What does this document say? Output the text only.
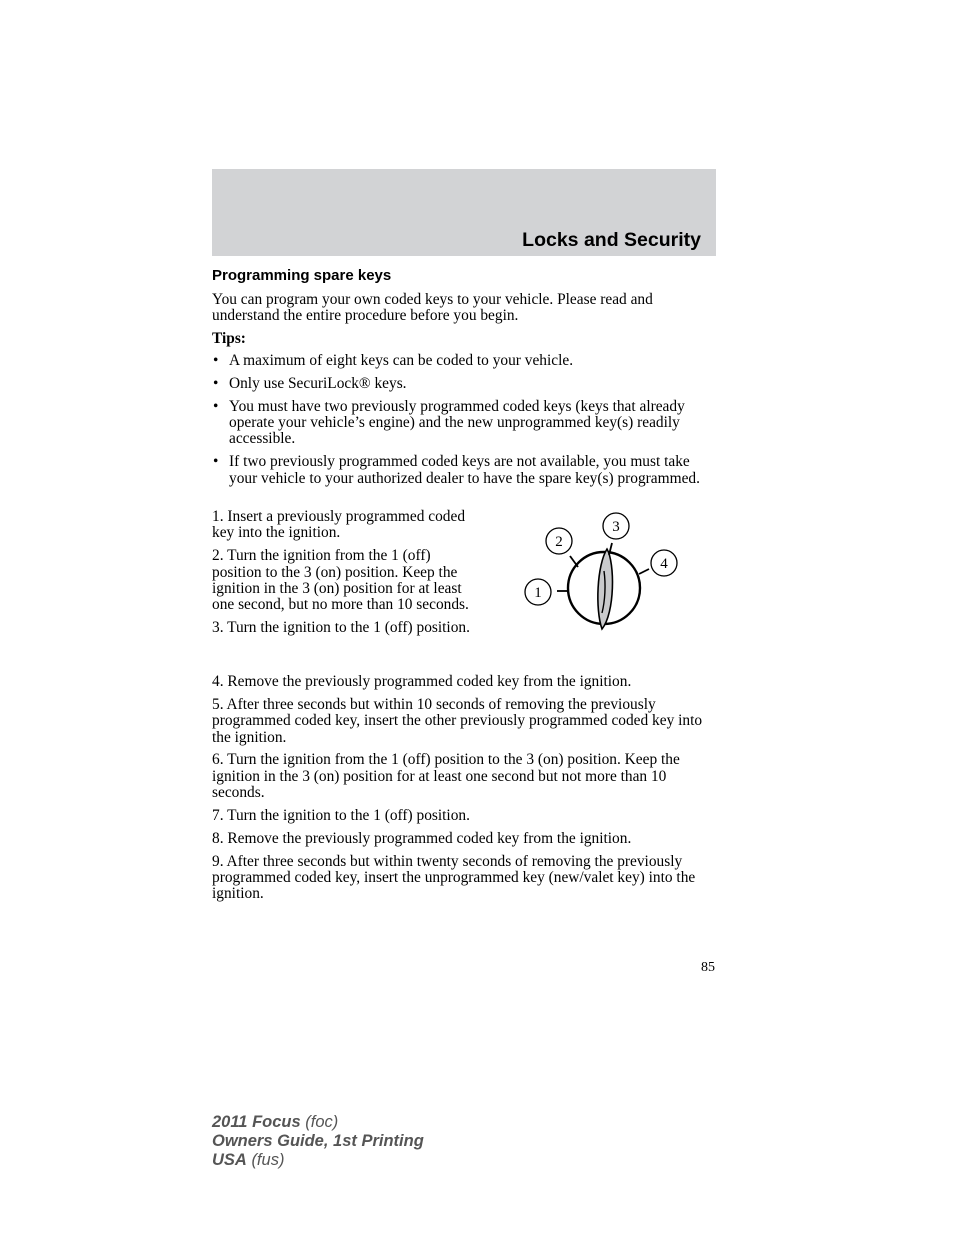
Locks and Security
Programming spare keys

You can program your own coded keys to your vehicle. Please read and understand the entire procedure before you begin.

Tips:

• A maximum of eight keys can be coded to your vehicle.
• Only use SecuriLock® keys.
• You must have two previously programmed coded keys (keys that already operate your vehicle’s engine) and the new unprogrammed key(s) readily accessible.
• If two previously programmed coded keys are not available, you must take your vehicle to your authorized dealer to have the spare key(s) programmed.
1. Insert a previously programmed coded key into the ignition.
2. Turn the ignition from the 1 (off) position to the 3 (on) position. Keep the ignition in the 3 (on) position for at least one second, but no more than 10 seconds.
3. Turn the ignition to the 1 (off) position.
1
2
3
4
4. Remove the previously programmed coded key from the ignition.
5. After three seconds but within 10 seconds of removing the previously programmed coded key, insert the other previously programmed coded key into the ignition.
6. Turn the ignition from the 1 (off) position to the 3 (on) position. Keep the ignition in the 3 (on) position for at least one second but not more than 10 seconds.
7. Turn the ignition to the 1 (off) position.
8. Remove the previously programmed coded key from the ignition.
9. After three seconds but within twenty seconds of removing the previously programmed coded key, insert the unprogrammed key (new/valet key) into the ignition.
85
2011 Focus (foc)
Owners Guide, 1st Printing
USA (fus)
